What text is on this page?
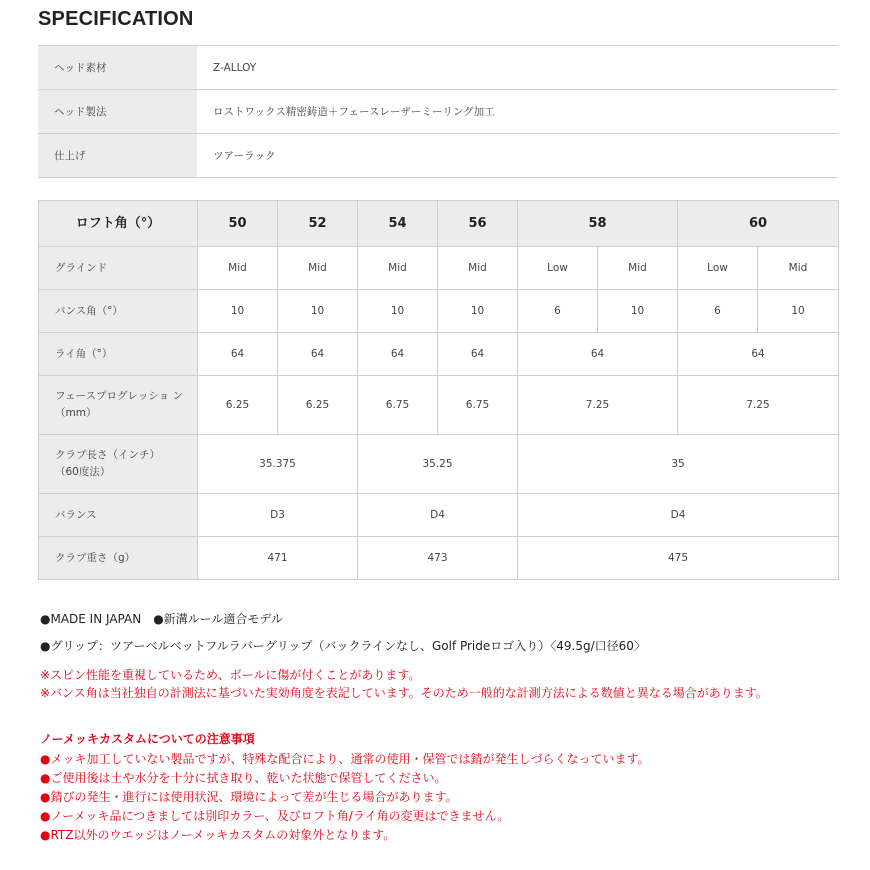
SPECIFICATION
ヘッド素材	Z-ALLOY
ヘッド製法	ロストワックス精密鋳造＋フェースレーザーミーリング加工
仕上げ	ツアーラック
ロフト角（°）	50	52	54	56	58		60	
グラインド	Mid	Mid	Mid	Mid	Low	Mid	Low	Mid
バンス角（°）	10	10	10	10	6	10	6	10
ライ角（°）	64	64	64	64	64		64	
フェースプログレッショ ン（mm）	6.25	6.25	6.75	6.75	7.25		7.25	

クラブ長さ（インチ）
（60度法）	35.375		35.25		35			
バランス	D3		D4		D4			
クラブ重さ（g）	471		473		475			
●MADE IN JAPAN　●新溝ルール適合モデル
●グリップ：ツアーベルベットフルラバーグリップ（バックラインなし、Golf Prideロゴ入り）〈49.5g/口径60〉
※スピン性能を重視しているため、ボールに傷が付くことがあります。
※バンス角は当社独自の計測法に基づいた実効角度を表記しています。そのため一般的な計測方法による数値と異なる場合があります。
ノーメッキカスタムについての注意事項
●メッキ加工していない製品ですが、特殊な配合により、通常の使用・保管では錆が発生しづらくなっています。
●ご使用後は土や水分を十分に拭き取り、乾いた状態で保管してください。
●錆びの発生・進行には使用状況、環境によって差が生じる場合があります。
●ノーメッキ品につきましては別印カラー、及びロフト角/ライ角の変更はできません。
●RTZ以外のウエッジはノーメッキカスタムの対象外となります。
